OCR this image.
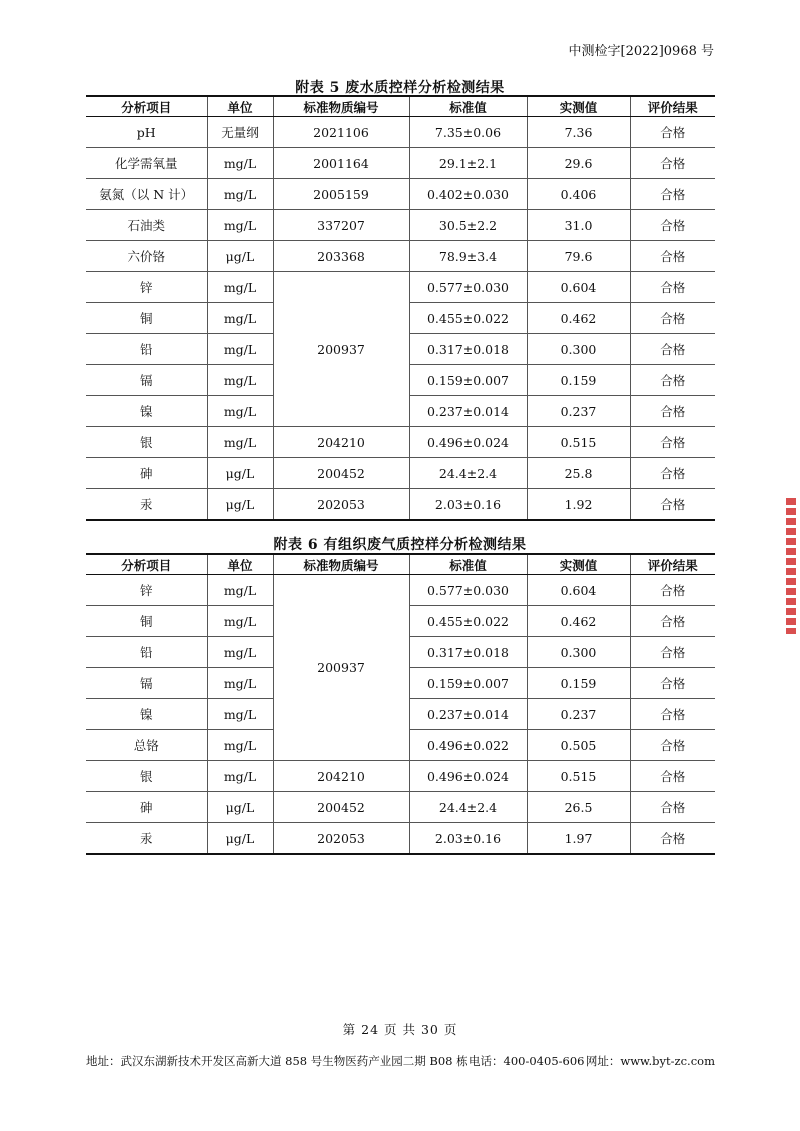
中测检字[2022]0968 号
附表 5 废水质控样分析检测结果
分析项目	单位	标准物质编号	标准值	实测值	评价结果
pH	无量纲	2021106	7.35±0.06	7.36	合格
化学需氧量	mg/L	2001164	29.1±2.1	29.6	合格
氨氮（以 N 计）	mg/L	2005159	0.402±0.030	0.406	合格
石油类	mg/L	337207	30.5±2.2	31.0	合格
六价铬	μg/L	203368	78.9±3.4	79.6	合格
锌	mg/L	200937	0.577±0.030	0.604	合格
铜	mg/L		0.455±0.022	0.462	合格
铅	mg/L		0.317±0.018	0.300	合格
镉	mg/L		0.159±0.007	0.159	合格
镍	mg/L		0.237±0.014	0.237	合格
银	mg/L	204210	0.496±0.024	0.515	合格
砷	μg/L	200452	24.4±2.4	25.8	合格
汞	μg/L	202053	2.03±0.16	1.92	合格
附表 6 有组织废气质控样分析检测结果
分析项目	单位	标准物质编号	标准值	实测值	评价结果
锌	mg/L	200937	0.577±0.030	0.604	合格
铜	mg/L		0.455±0.022	0.462	合格
铅	mg/L		0.317±0.018	0.300	合格
镉	mg/L		0.159±0.007	0.159	合格
镍	mg/L		0.237±0.014	0.237	合格
总铬	mg/L		0.496±0.022	0.505	合格
银	mg/L	204210	0.496±0.024	0.515	合格
砷	μg/L	200452	24.4±2.4	26.5	合格
汞	μg/L	202053	2.03±0.16	1.97	合格
第 24 页 共 30 页
地址：武汉东湖新技术开发区高新大道 858 号生物医药产业园二期 B08 栋 电话：400-0405-606 网址：www.byt-zc.com
